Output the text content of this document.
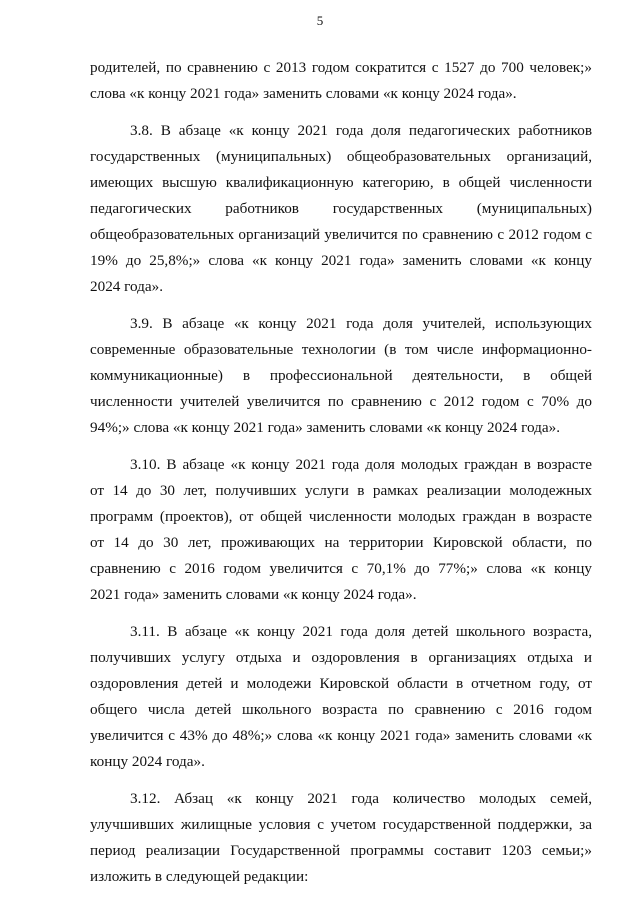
5
родителей, по сравнению с 2013 годом сократится с 1527 до 700 человек;»
слова «к концу 2021 года» заменить словами «к концу 2024 года».
3.8. В абзаце «к концу 2021 года доля педагогических работников
государственных (муниципальных) общеобразовательных организаций,
имеющих высшую квалификационную категорию, в общей численности
педагогических работников государственных (муниципальных)
общеобразовательных организаций увеличится по сравнению с 2012 годом с
19% до 25,8%;» слова «к концу 2021 года» заменить словами «к концу
2024 года».
3.9. В абзаце «к концу 2021 года доля учителей, использующих
современные образовательные технологии (в том числе информационно-
коммуникационные) в профессиональной деятельности, в общей
численности учителей увеличится по сравнению с 2012 годом с 70% до
94%;» слова «к концу 2021 года» заменить словами «к концу 2024 года».
3.10. В абзаце «к концу 2021 года доля молодых граждан в возрасте
от 14 до 30 лет, получивших услуги в рамках реализации молодежных
программ (проектов), от общей численности молодых граждан в возрасте
от 14 до 30 лет, проживающих на территории Кировской области, по
сравнению с 2016 годом увеличится с 70,1% до 77%;» слова «к концу
2021 года» заменить словами «к концу 2024 года».
3.11. В абзаце «к концу 2021 года доля детей школьного возраста,
получивших услугу отдыха и оздоровления в организациях отдыха и
оздоровления детей и молодежи Кировской области в отчетном году, от
общего числа детей школьного возраста по сравнению с 2016 годом
увеличится с 43% до 48%;» слова «к концу 2021 года» заменить словами «к
концу 2024 года».
3.12. Абзац «к концу 2021 года количество молодых семей,
улучшивших жилищные условия с учетом государственной поддержки, за
период реализации Государственной программы составит 1203 семьи;»
изложить в следующей редакции:
